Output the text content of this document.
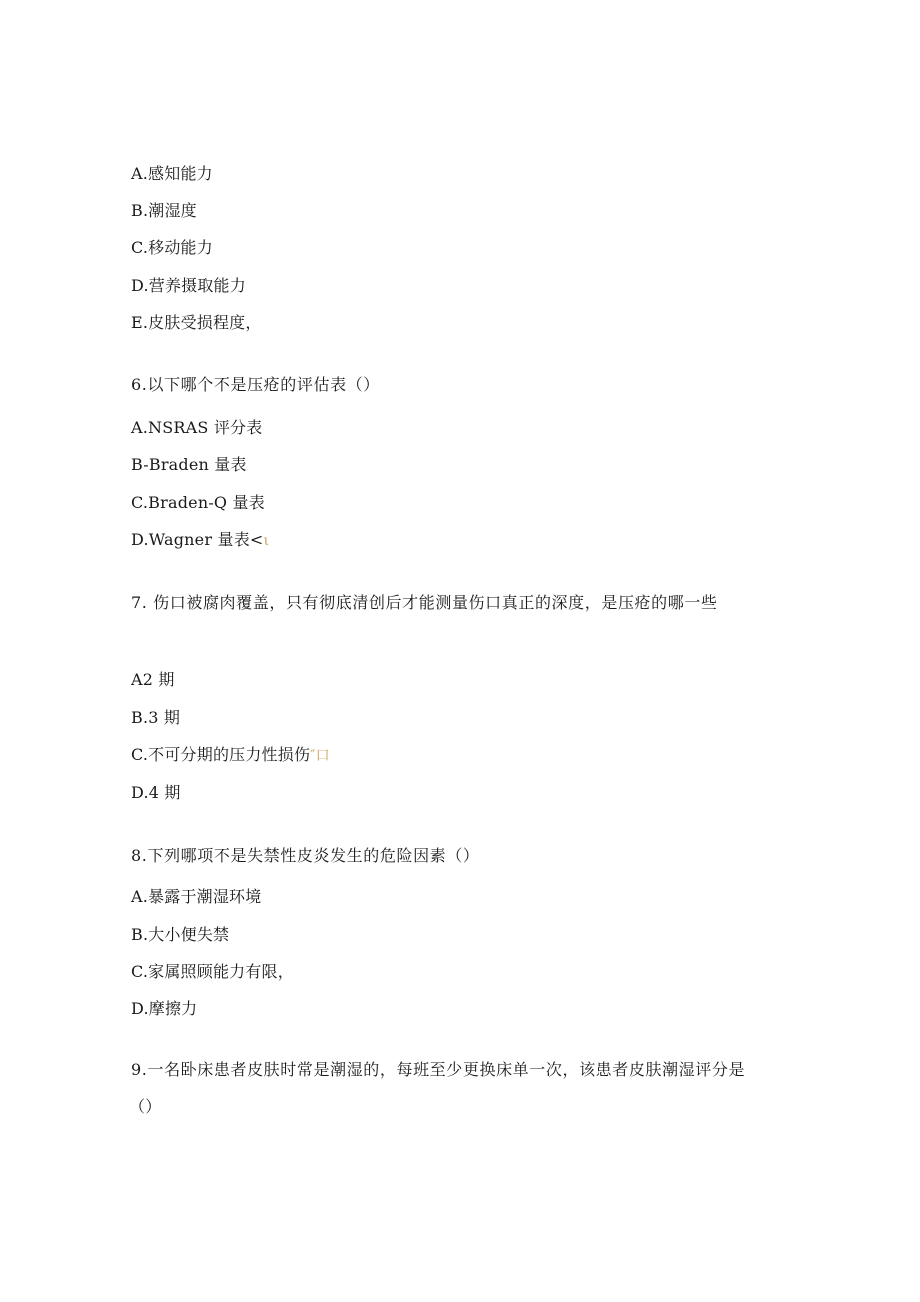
A.感知能力
B.潮湿度
C.移动能力
D.营养摄取能力
E.皮肤受损程度，
6.以下哪个不是压疮的评估表（）
A.NSRAS 评分表
B-Braden 量表
C.Braden-Q 量表
D.Wagner 量表<ι
7. 伤口被腐肉覆盖，只有彻底清创后才能测量伤口真正的深度，是压疮的哪一些
A2 期
B.3 期
C.不可分期的压力性损伤″口
D.4 期
8.下列哪项不是失禁性皮炎发生的危险因素（）
A.暴露于潮湿环境
B.大小便失禁
C.家属照顾能力有限，
D.摩擦力
9.一名卧床患者皮肤时常是潮湿的，每班至少更换床单一次，该患者皮肤潮湿评分是
（）
